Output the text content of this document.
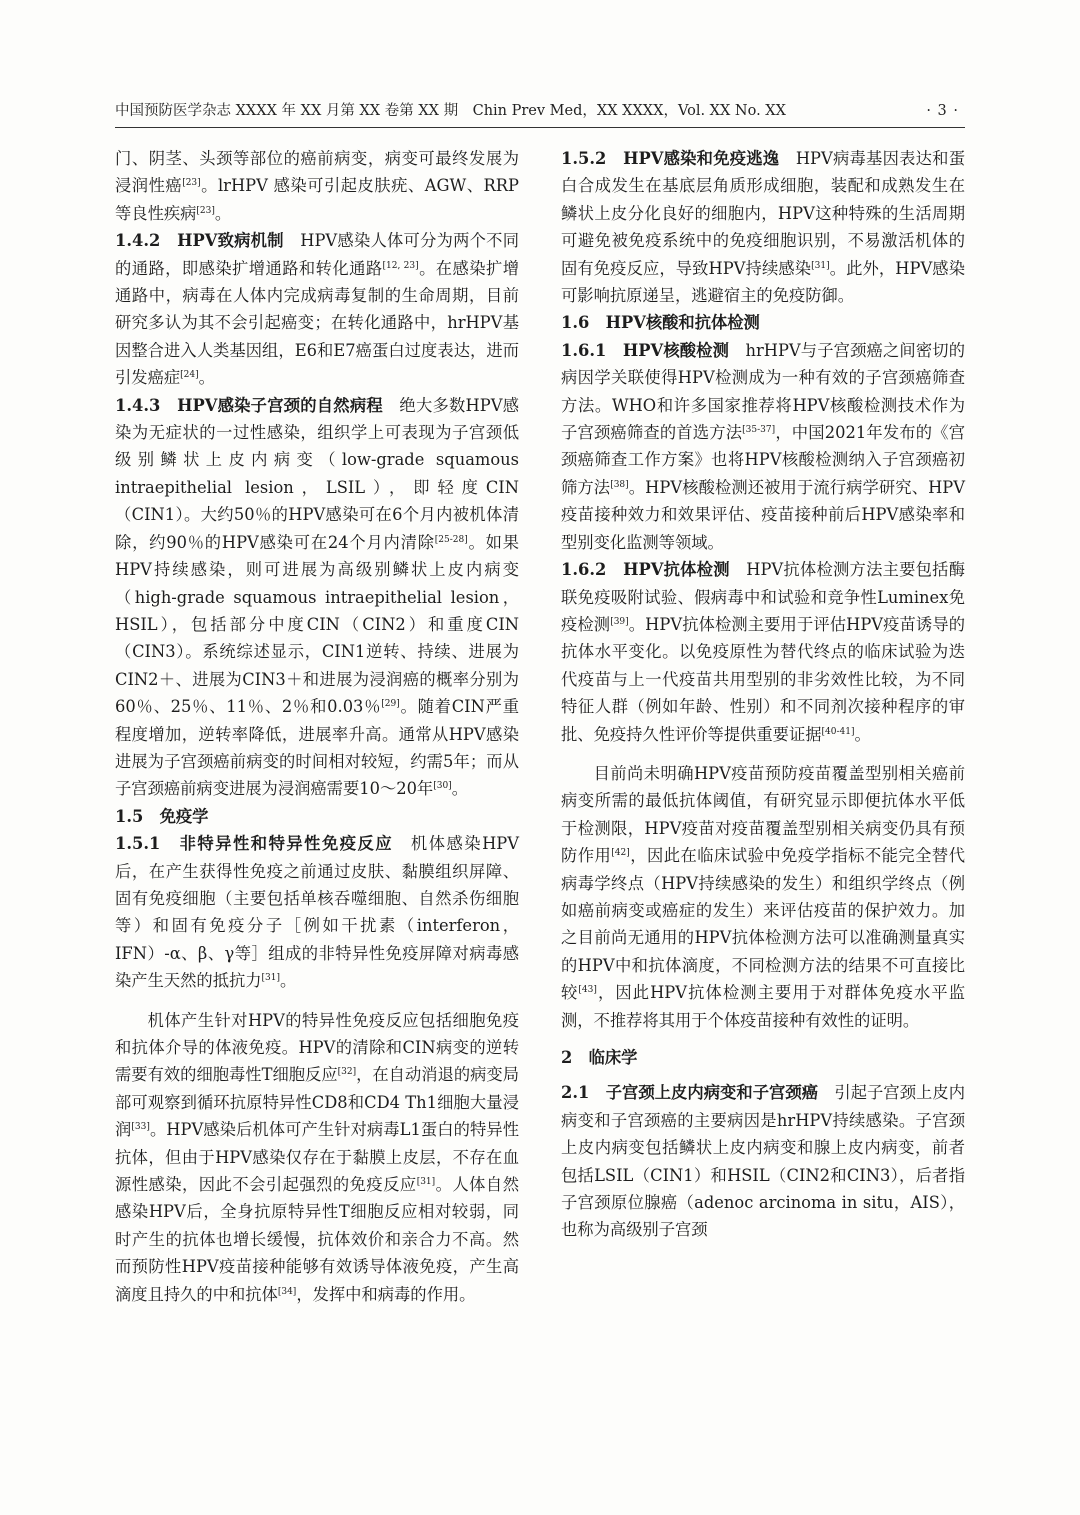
中国预防医学杂志 XXXX 年 XX 月第 XX 卷第 XX 期　Chin Prev Med，XX XXXX，Vol. XX No. XX	· 3 ·

门、阴茎、头颈等部位的癌前病变，病变可最终发展为浸润性癌[23]。lrHPV 感染可引起皮肤疣、AGW、RRP等良性疾病[23]。

1.4.2　HPV致病机制　HPV感染人体可分为两个不同的通路，即感染扩增通路和转化通路[12, 23]。在感染扩增通路中，病毒在人体内完成病毒复制的生命周期，目前研究多认为其不会引起癌变；在转化通路中，hrHPV基因整合进入人类基因组，E6和E7癌蛋白过度表达，进而引发癌症[24]。

1.4.3　HPV感染子宫颈的自然病程　绝大多数HPV感染为无症状的一过性感染，组织学上可表现为子宫颈低级别鳞状上皮内病变（low-grade squamous intraepithelial lesion，LSIL），即轻度CIN（CIN1）。大约50％的HPV感染可在6个月内被机体清除，约90％的HPV感染可在24个月内清除[25-28]。如果HPV持续感染，则可进展为高级别鳞状上皮内病变（high-grade squamous intraepithelial lesion，HSIL），包括部分中度CIN（CIN2）和重度CIN（CIN3）。系统综述显示，CIN1逆转、持续、进展为CIN2＋、进展为CIN3＋和进展为浸润癌的概率分别为60％、25％、11％、2％和0.03％[29]。随着CIN严重程度增加，逆转率降低，进展率升高。通常从HPV感染进展为子宫颈癌前病变的时间相对较短，约需5年；而从子宫颈癌前病变进展为浸润癌需要10～20年[30]。

1.5　免疫学

1.5.1　非特异性和特异性免疫反应　机体感染HPV后，在产生获得性免疫之前通过皮肤、黏膜组织屏障、固有免疫细胞（主要包括单核吞噬细胞、自然杀伤细胞等）和固有免疫分子［例如干扰素（interferon，IFN）-α、β、γ等］组成的非特异性免疫屏障对病毒感染产生天然的抵抗力[31]。

机体产生针对HPV的特异性免疫反应包括细胞免疫和抗体介导的体液免疫。HPV的清除和CIN病变的逆转需要有效的细胞毒性T细胞反应[32]，在自动消退的病变局部可观察到循环抗原特异性CD8和CD4 Th1细胞大量浸润[33]。HPV感染后机体可产生针对病毒L1蛋白的特异性抗体，但由于HPV感染仅存在于黏膜上皮层，不存在血源性感染，因此不会引起强烈的免疫反应[31]。人体自然感染HPV后，全身抗原特异性T细胞反应相对较弱，同时产生的抗体也增长缓慢，抗体效价和亲合力不高。然而预防性HPV疫苗接种能够有效诱导体液免疫，产生高滴度且持久的中和抗体[34]，发挥中和病毒的作用。

1.5.2　HPV感染和免疫逃逸　HPV病毒基因表达和蛋白合成发生在基底层角质形成细胞，装配和成熟发生在鳞状上皮分化良好的细胞内，HPV这种特殊的生活周期可避免被免疫系统中的免疫细胞识别，不易激活机体的固有免疫反应，导致HPV持续感染[31]。此外，HPV感染可影响抗原递呈，逃避宿主的免疫防御。

1.6　HPV核酸和抗体检测

1.6.1　HPV核酸检测　hrHPV与子宫颈癌之间密切的病因学关联使得HPV检测成为一种有效的子宫颈癌筛查方法。WHO和许多国家推荐将HPV核酸检测技术作为子宫颈癌筛查的首选方法[35-37]，中国2021年发布的《宫颈癌筛查工作方案》也将HPV核酸检测纳入子宫颈癌初筛方法[38]。HPV核酸检测还被用于流行病学研究、HPV疫苗接种效力和效果评估、疫苗接种前后HPV感染率和型别变化监测等领域。

1.6.2　HPV抗体检测　HPV抗体检测方法主要包括酶联免疫吸附试验、假病毒中和试验和竞争性Luminex免疫检测[39]。HPV抗体检测主要用于评估HPV疫苗诱导的抗体水平变化。以免疫原性为替代终点的临床试验为迭代疫苗与上一代疫苗共用型别的非劣效性比较，为不同特征人群（例如年龄、性别）和不同剂次接种程序的审批、免疫持久性评价等提供重要证据[40-41]。

目前尚未明确HPV疫苗预防疫苗覆盖型别相关癌前病变所需的最低抗体阈值，有研究显示即便抗体水平低于检测限，HPV疫苗对疫苗覆盖型别相关病变仍具有预防作用[42]，因此在临床试验中免疫学指标不能完全替代病毒学终点（HPV持续感染的发生）和组织学终点（例如癌前病变或癌症的发生）来评估疫苗的保护效力。加之目前尚无通用的HPV抗体检测方法可以准确测量真实的HPV中和抗体滴度，不同检测方法的结果不可直接比较[43]，因此HPV抗体检测主要用于对群体免疫水平监测，不推荐将其用于个体疫苗接种有效性的证明。

2　临床学

2.1　子宫颈上皮内病变和子宫颈癌　引起子宫颈上皮内病变和子宫颈癌的主要病因是hrHPV持续感染。子宫颈上皮内病变包括鳞状上皮内病变和腺上皮内病变，前者包括LSIL（CIN1）和HSIL（CIN2和CIN3），后者指子宫颈原位腺癌（adenoc arcinoma in situ，AIS），也称为高级别子宫颈
